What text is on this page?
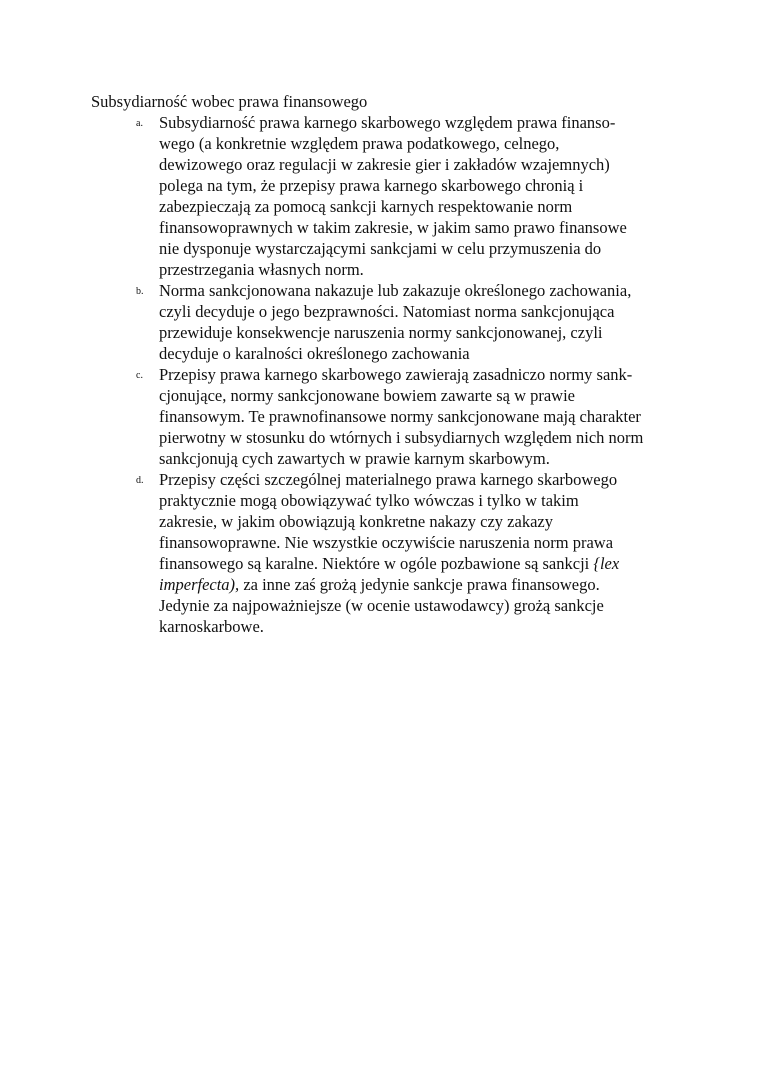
Subsydiarność wobec prawa finansowego
a. Subsydiarność prawa karnego skarbowego względem prawa finanso-
wego (a konkretnie względem prawa podatkowego, celnego,
dewizowego oraz regulacji w zakresie gier i zakładów wzajemnych)
polega na tym, że przepisy prawa karnego skarbowego chronią i
zabezpieczają za pomocą sankcji karnych respektowanie norm
finansowoprawnych w takim zakresie, w jakim samo prawo finansowe
nie dysponuje wystarczającymi sankcjami w celu przymuszenia do
przestrzegania własnych norm.
b. Norma sankcjonowana nakazuje lub zakazuje określonego zachowania,
czyli decyduje o jego bezprawności. Natomiast norma sankcjonująca
przewiduje konsekwencje naruszenia normy sankcjonowanej, czyli
decyduje o karalności określonego zachowania
c. Przepisy prawa karnego skarbowego zawierają zasadniczo normy sank-
cjonujące, normy sankcjonowane bowiem zawarte są w prawie
finansowym. Te prawnofinansowe normy sankcjonowane mają charakter
pierwotny w stosunku do wtórnych i subsydiarnych względem nich norm
sankcjonują cych zawartych w prawie karnym skarbowym.
d. Przepisy części szczególnej materialnego prawa karnego skarbowego
praktycznie mogą obowiązywać tylko wówczas i tylko w takim
zakresie, w jakim obowiązują konkretne nakazy czy zakazy
finansowoprawne. Nie wszystkie oczywiście naruszenia norm prawa
finansowego są karalne. Niektóre w ogóle pozbawione są sankcji {lex
imperfecta), za inne zaś grożą jedynie sankcje prawa finansowego.
Jedynie za najpoważniejsze (w ocenie ustawodawcy) grożą sankcje
karnoskarbowe.
